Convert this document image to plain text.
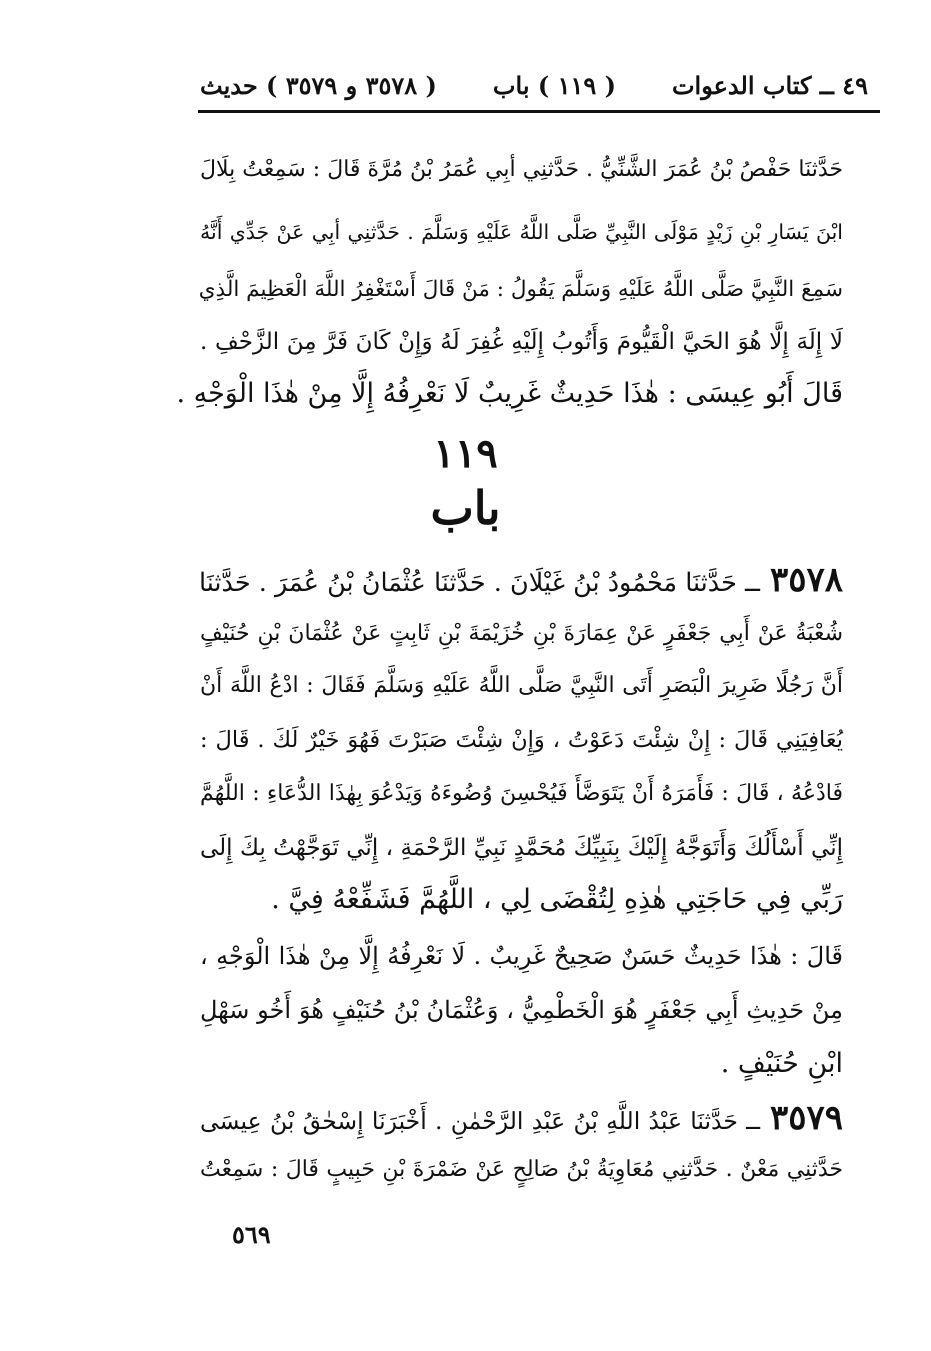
٤٩ ــ كتاب الدعوات
( ١١٩ ) باب
( ٣٥٧٨ و ٣٥٧٩ ) حديث
حَدَّثنَا حَفْصُ بْنُ عُمَرَ الشَّنِّيُّ . حَدَّثنِي أبِي عُمَرُ بْنُ مُرَّةَ قَالَ : سَمِعْتُ بِلَالَ
ابْنَ يَسَارِ بْنِ زَيْدٍ مَوْلَى النَّبِيِّ صَلَّى اللَّهُ عَلَيْهِ وَسَلَّمَ . حَدَّثنِي أبِي عَنْ جَدِّي أَنَّهُ
سَمِعَ النَّبِيَّ صَلَّى اللَّهُ عَلَيْهِ وَسَلَّمَ يَقُولُ : مَنْ قَالَ أَسْتَغْفِرُ اللَّهَ الْعَظِيمَ الَّذِي
لَا إِلَهَ إِلَّا هُوَ الحَيَّ الْقَيُّومَ وَأَتُوبُ إِلَيْهِ غُفِرَ لَهُ وَإِنْ كَانَ فَرَّ مِنَ الزَّحْفِ .
قَالَ أَبُو عِيسَى : هٰذَا حَدِيثٌ غَرِيبٌ لَا نَعْرِفُهُ إِلَّا مِنْ هٰذَا الْوَجْهِ .
١١٩
باب
٣٥٧٨ــ حَدَّثنَا مَحْمُودُ بْنُ غَيْلَانَ . حَدَّثنَا عُثْمَانُ بْنُ عُمَرَ . حَدَّثنَا
شُعْبَةُ عَنْ أَبِي جَعْفَرٍ عَنْ عِمَارَةَ بْنِ خُزَيْمَةَ بْنِ ثَابِتٍ عَنْ عُثْمَانَ بْنِ حُنَيْفٍ
أَنَّ رَجُلًا ضَرِيرَ الْبَصَرِ أَتَى النَّبِيَّ صَلَّى اللَّهُ عَلَيْهِ وَسَلَّمَ فَقَالَ : ادْعُ اللَّهَ أَنْ
يُعَافِيَنِي قَالَ : إِنْ شِئْتَ دَعَوْتُ ، وَإِنْ شِئْتَ صَبَرْتَ فَهُوَ خَيْرٌ لَكَ . قَالَ :
فَادْعُهُ ، قَالَ : فَأَمَرَهُ أَنْ يَتَوَضَّأَ فَيُحْسِنَ وُضُوءَهُ وَيَدْعُوَ بِهٰذَا الدُّعَاءِ : اللَّهُمَّ
إِنِّي أَسْأَلُكَ وَأَتَوَجَّهُ إِلَيْكَ بِنَبِيِّكَ مُحَمَّدٍ نَبِيِّ الرَّحْمَةِ ، إِنِّي تَوَجَّهْتُ بِكَ إِلَى
رَبِّي فِي حَاجَتِي هٰذِهِ لِتُقْضَى لِي ، اللَّهُمَّ فَشَفِّعْهُ فِيَّ .
قَالَ : هٰذَا حَدِيثٌ حَسَنٌ صَحِيحٌ غَرِيبٌ . لَا نَعْرِفُهُ إِلَّا مِنْ هٰذَا الْوَجْهِ ،
مِنْ حَدِيثِ أَبِي جَعْفَرٍ هُوَ الْخَطْمِيُّ ، وَعُثْمَانُ بْنُ حُنَيْفٍ هُوَ أَخُو سَهْلِ
ابْنِ حُنَيْفٍ .
٣٥٧٩ــ حَدَّثنَا عَبْدُ اللَّهِ بْنُ عَبْدِ الرَّحْمٰنِ . أَخْبَرَنَا إِسْحٰقُ بْنُ عِيسَى
حَدَّثنِي مَعْنٌ . حَدَّثنِي مُعَاوِيَةُ بْنُ صَالِحٍ عَنْ ضَمْرَةَ بْنِ حَبِيبٍ قَالَ : سَمِعْتُ
٥٦٩
